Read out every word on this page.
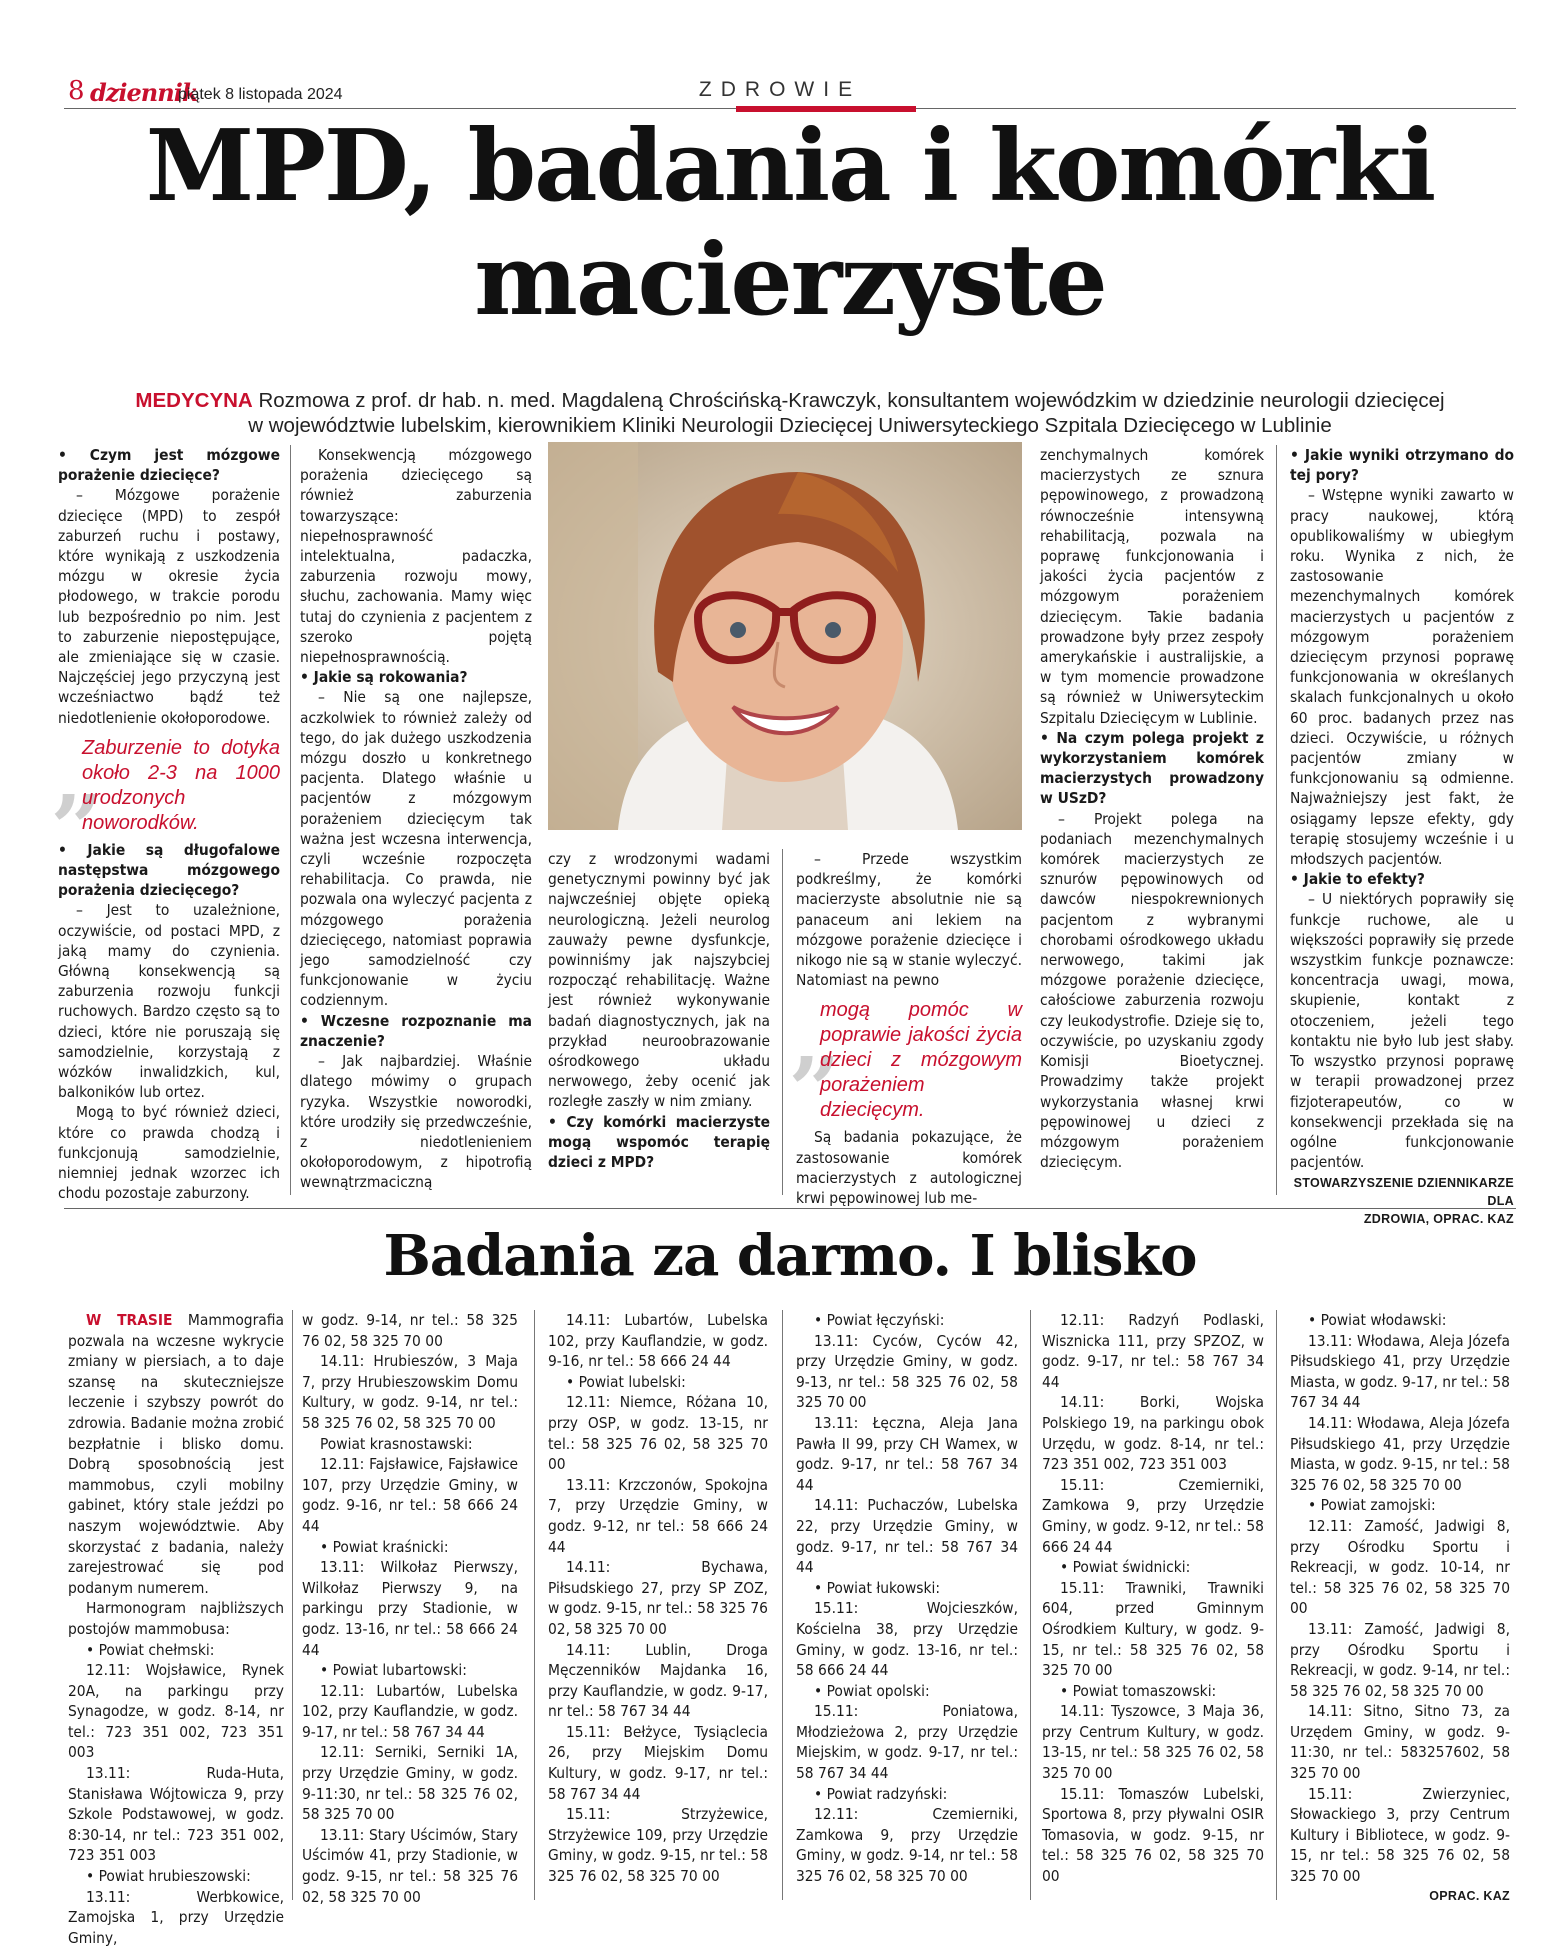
8 dziennik
piątek 8 listopada 2024	ZDROWIE
MPD, badania i komórki
macierzyste
MEDYCYNA Rozmowa z prof. dr hab. n. med. Magdaleną Chrościńską-Krawczyk, konsultantem wojewódzkim w dziedzinie neurologii dziecięcej
w województwie lubelskim, kierownikiem Kliniki Neurologii Dziecięcej Uniwersyteckiego Szpitala Dziecięcego w Lublinie
• Czym jest mózgowe porażenie dziecięce?
– Mózgowe porażenie dziecięce (MPD) to zespół zaburzeń ruchu i postawy, które wynikają z uszkodzenia mózgu w okresie życia płodowego, w trakcie porodu lub bezpośrednio po nim. Jest to zaburzenie niepostępujące, ale zmieniające się w czasie. Najczęściej jego przyczyną jest wcześniactwo bądź też niedotlenienie okołoporodowe.
„
Zaburzenie to dotyka około 2-3 na 1000 urodzonych noworodków.
• Jakie są długofalowe następstwa mózgowego porażenia dziecięcego?
– Jest to uzależnione, oczywiście, od postaci MPD, z jaką mamy do czynienia. Główną konsekwencją są zaburzenia rozwoju funkcji ruchowych. Bardzo często są to dzieci, które nie poruszają się samodzielnie, korzystają z wózków inwalidzkich, kul, balkoników lub ortez.
Mogą to być również dzieci, które co prawda chodzą i funkcjonują samodzielnie, niemniej jednak wzorzec ich chodu pozostaje zaburzony.
Konsekwencją mózgowego porażenia dziecięcego są również zaburzenia towarzyszące: niepełnosprawność intelektualna, padaczka, zaburzenia rozwoju mowy, słuchu, zachowania. Mamy więc tutaj do czynienia z pacjentem z szeroko pojętą niepełnosprawnością.
• Jakie są rokowania?
– Nie są one najlepsze, aczkolwiek to również zależy od tego, do jak dużego uszkodzenia mózgu doszło u konkretnego pacjenta. Dlatego właśnie u pacjentów z mózgowym porażeniem dziecięcym tak ważna jest wczesna interwencja, czyli wcześnie rozpoczęta rehabilitacja. Co prawda, nie pozwala ona wyleczyć pacjenta z mózgowego porażenia dziecięcego, natomiast poprawia jego samodzielność czy funkcjonowanie w życiu codziennym.
• Wczesne rozpoznanie ma znaczenie?
– Jak najbardziej. Właśnie dlatego mówimy o grupach ryzyka. Wszystkie noworodki, które urodziły się przedwcześnie, z niedotlenieniem okołoporodowym, z hipotrofią wewnątrzmaciczną
czy z wrodzonymi wadami genetycznymi powinny być jak najwcześniej objęte opieką neurologiczną. Jeżeli neurolog zauważy pewne dysfunkcje, powinniśmy jak najszybciej rozpocząć rehabilitację. Ważne jest również wykonywanie badań diagnostycznych, jak na przykład neuroobrazowanie ośrodkowego układu nerwowego, żeby ocenić jak rozległe zaszły w nim zmiany.
• Czy komórki macierzyste mogą wspomóc terapię dzieci z MPD?
– Przede wszystkim podkreślmy, że komórki macierzyste absolutnie nie są panaceum ani lekiem na mózgowe porażenie dziecięce i nikogo nie są w stanie wyleczyć. Natomiast na pewno
„
mogą pomóc w poprawie jakości życia dzieci z mózgowym porażeniem dziecięcym.
Są badania pokazujące, że zastosowanie komórek macierzystych z autologicznej krwi pępowinowej lub me-
zenchymalnych komórek macierzystych ze sznura pępowinowego, z prowadzoną równocześnie intensywną rehabilitacją, pozwala na poprawę funkcjonowania i jakości życia pacjentów z mózgowym porażeniem dziecięcym. Takie badania prowadzone były przez zespoły amerykańskie i australijskie, a w tym momencie prowadzone są również w Uniwersyteckim Szpitalu Dziecięcym w Lublinie.
• Na czym polega projekt z wykorzystaniem komórek macierzystych prowadzony w USzD?
– Projekt polega na podaniach mezenchymalnych komórek macierzystych ze sznurów pępowinowych od dawców niespokrewnionych pacjentom z wybranymi chorobami ośrodkowego układu nerwowego, takimi jak mózgowe porażenie dziecięce, całościowe zaburzenia rozwoju czy leukodystrofie. Dzieje się to, oczywiście, po uzyskaniu zgody Komisji Bioetycznej. Prowadzimy także projekt wykorzystania własnej krwi pępowinowej u dzieci z mózgowym porażeniem dziecięcym.
• Jakie wyniki otrzymano do tej pory?
– Wstępne wyniki zawarto w pracy naukowej, którą opublikowaliśmy w ubiegłym roku. Wynika z nich, że zastosowanie mezenchymalnych komórek macierzystych u pacjentów z mózgowym porażeniem dziecięcym przynosi poprawę funkcjonowania w określanych skalach funkcjonalnych u około 60 proc. badanych przez nas dzieci. Oczywiście, u różnych pacjentów zmiany w funkcjonowaniu są odmienne. Najważniejszy jest fakt, że osiągamy lepsze efekty, gdy terapię stosujemy wcześnie i u młodszych pacjentów.
• Jakie to efekty?
– U niektórych poprawiły się funkcje ruchowe, ale u większości poprawiły się przede wszystkim funkcje poznawcze: koncentracja uwagi, mowa, skupienie, kontakt z otoczeniem, jeżeli tego kontaktu nie było lub jest słaby. To wszystko przynosi poprawę w terapii prowadzonej przez fizjoterapeutów, co w konsekwencji przekłada się na ogólne funkcjonowanie pacjentów.
STOWARZYSZENIE DZIENNIKARZE DLA
ZDROWIA, OPRAC. KAZ
Badania za darmo. I blisko
W TRASIE Mammografia pozwala na wczesne wykrycie zmiany w piersiach, a to daje szansę na skuteczniejsze leczenie i szybszy powrót do zdrowia. Badanie można zrobić bezpłatnie i blisko domu. Dobrą sposobnością jest mammobus, czyli mobilny gabinet, który stale jeździ po naszym województwie. Aby skorzystać z badania, należy zarejestrować się pod podanym numerem.
Harmonogram najbliższych postojów mammobusa:
• Powiat chełmski:
12.11: Wojsławice, Rynek 20A, na parkingu przy Synagodze, w godz. 8-14, nr tel.: 723 351 002, 723 351 003
13.11: Ruda-Huta, Stanisława Wójtowicza 9, przy Szkole Podstawowej, w godz. 8:30-14, nr tel.: 723 351 002, 723 351 003
• Powiat hrubieszowski:
13.11: Werbkowice, Zamojska 1, przy Urzędzie Gminy,
w godz. 9-14, nr tel.: 58 325 76 02, 58 325 70 00
14.11: Hrubieszów, 3 Maja 7, przy Hrubieszowskim Domu Kultury, w godz. 9-14, nr tel.: 58 325 76 02, 58 325 70 00
Powiat krasnostawski:
12.11: Fajsławice, Fajsławice 107, przy Urzędzie Gminy, w godz. 9-16, nr tel.: 58 666 24 44
• Powiat kraśnicki:
13.11: Wilkołaz Pierwszy, Wilkołaz Pierwszy 9, na parkingu przy Stadionie, w godz. 13-16, nr tel.: 58 666 24 44
• Powiat lubartowski:
12.11: Lubartów, Lubelska 102, przy Kauflandzie, w godz. 9-17, nr tel.: 58 767 34 44
12.11: Serniki, Serniki 1A, przy Urzędzie Gminy, w godz. 9-11:30, nr tel.: 58 325 76 02, 58 325 70 00
13.11: Stary Uścimów, Stary Uścimów 41, przy Stadionie, w godz. 9-15, nr tel.: 58 325 76 02, 58 325 70 00
14.11: Lubartów, Lubelska 102, przy Kauflandzie, w godz. 9-16, nr tel.: 58 666 24 44
• Powiat lubelski:
12.11: Niemce, Różana 10, przy OSP, w godz. 13-15, nr tel.: 58 325 76 02, 58 325 70 00
13.11: Krzczonów, Spokojna 7, przy Urzędzie Gminy, w godz. 9-12, nr tel.: 58 666 24 44
14.11: Bychawa, Piłsudskiego 27, przy SP ZOZ, w godz. 9-15, nr tel.: 58 325 76 02, 58 325 70 00
14.11: Lublin, Droga Męczenników Majdanka 16, przy Kauflandzie, w godz. 9-17, nr tel.: 58 767 34 44
15.11: Bełżyce, Tysiąclecia 26, przy Miejskim Domu Kultury, w godz. 9-17, nr tel.: 58 767 34 44
15.11: Strzyżewice, Strzyżewice 109, przy Urzędzie Gminy, w godz. 9-15, nr tel.: 58 325 76 02, 58 325 70 00
• Powiat łęczyński:
13.11: Cyców, Cyców 42, przy Urzędzie Gminy, w godz. 9-13, nr tel.: 58 325 76 02, 58 325 70 00
13.11: Łęczna, Aleja Jana Pawła II 99, przy CH Wamex, w godz. 9-17, nr tel.: 58 767 34 44
14.11: Puchaczów, Lubelska 22, przy Urzędzie Gminy, w godz. 9-17, nr tel.: 58 767 34 44
• Powiat łukowski:
15.11: Wojcieszków, Kościelna 38, przy Urzędzie Gminy, w godz. 13-16, nr tel.: 58 666 24 44
• Powiat opolski:
15.11: Poniatowa, Młodzieżowa 2, przy Urzędzie Miejskim, w godz. 9-17, nr tel.: 58 767 34 44
• Powiat radzyński:
12.11: Czemierniki, Zamkowa 9, przy Urzędzie Gminy, w godz. 9-14, nr tel.: 58 325 76 02, 58 325 70 00
12.11: Radzyń Podlaski, Wisznicka 111, przy SPZOZ, w godz. 9-17, nr tel.: 58 767 34 44
14.11: Borki, Wojska Polskiego 19, na parkingu obok Urzędu, w godz. 8-14, nr tel.: 723 351 002, 723 351 003
15.11: Czemierniki, Zamkowa 9, przy Urzędzie Gminy, w godz. 9-12, nr tel.: 58 666 24 44
• Powiat świdnicki:
15.11: Trawniki, Trawniki 604, przed Gminnym Ośrodkiem Kultury, w godz. 9-15, nr tel.: 58 325 76 02, 58 325 70 00
• Powiat tomaszowski:
14.11: Tyszowce, 3 Maja 36, przy Centrum Kultury, w godz. 13-15, nr tel.: 58 325 76 02, 58 325 70 00
15.11: Tomaszów Lubelski, Sportowa 8, przy pływalni OSIR Tomasovia, w godz. 9-15, nr tel.: 58 325 76 02, 58 325 70 00
• Powiat włodawski:
13.11: Włodawa, Aleja Józefa Piłsudskiego 41, przy Urzędzie Miasta, w godz. 9-17, nr tel.: 58 767 34 44
14.11: Włodawa, Aleja Józefa Piłsudskiego 41, przy Urzędzie Miasta, w godz. 9-15, nr tel.: 58 325 76 02, 58 325 70 00
• Powiat zamojski:
12.11: Zamość, Jadwigi 8, przy Ośrodku Sportu i Rekreacji, w godz. 10-14, nr tel.: 58 325 76 02, 58 325 70 00
13.11: Zamość, Jadwigi 8, przy Ośrodku Sportu i Rekreacji, w godz. 9-14, nr tel.: 58 325 76 02, 58 325 70 00
14.11: Sitno, Sitno 73, za Urzędem Gminy, w godz. 9-11:30, nr tel.: 583257602, 58 325 70 00
15.11: Zwierzyniec, Słowackiego 3, przy Centrum Kultury i Bibliotece, w godz. 9-15, nr tel.: 58 325 76 02, 58 325 70 00
OPRAC. KAZ
